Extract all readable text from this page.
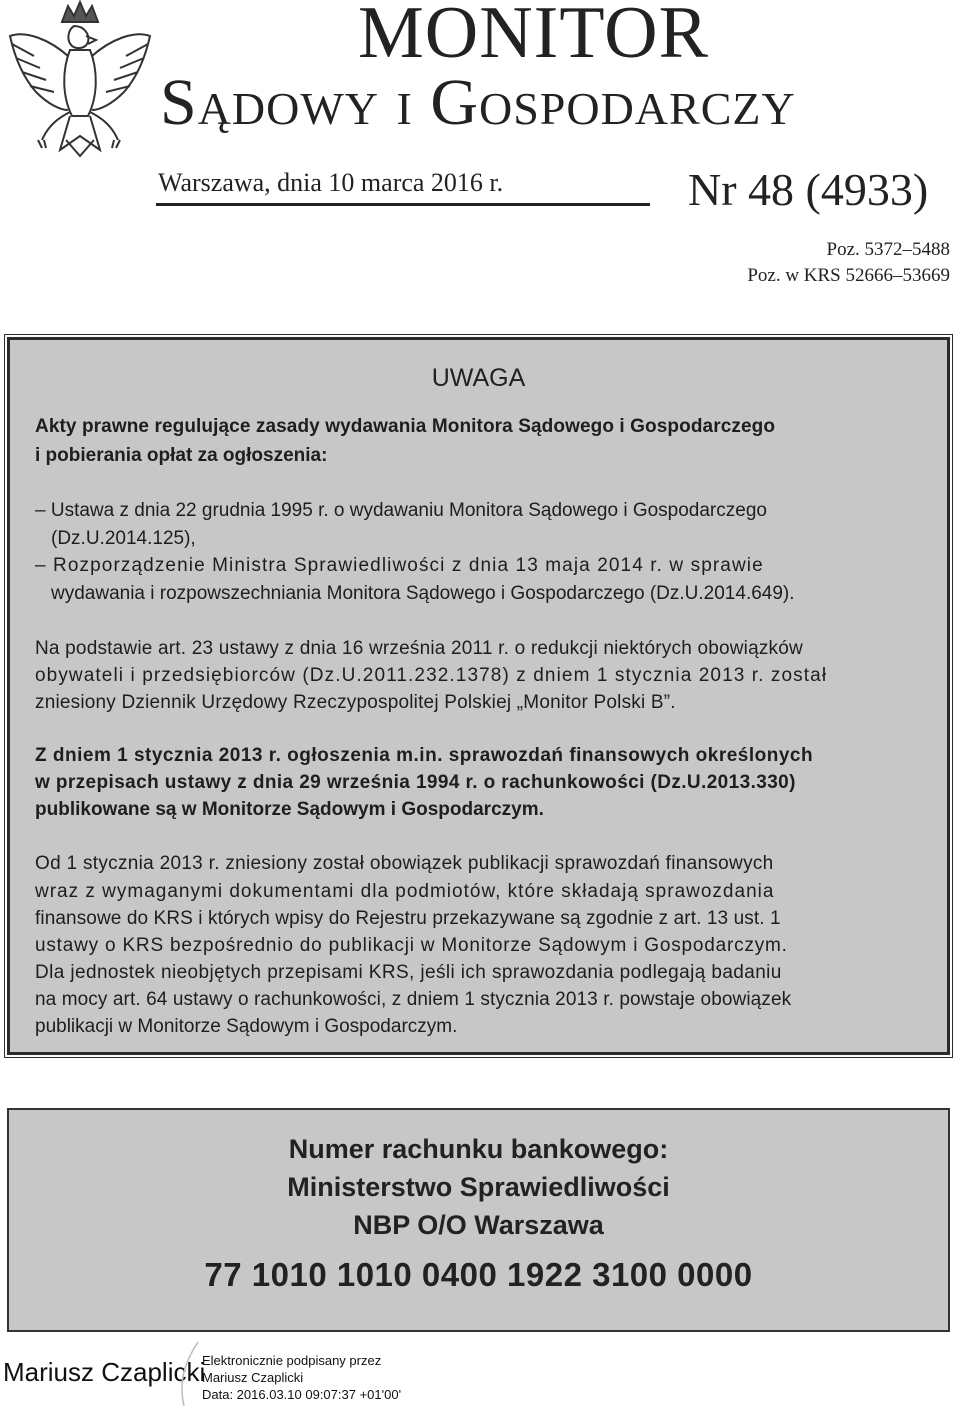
MONITOR
Sądowy i Gospodarczy
Warszawa, dnia 10 marca 2016 r.	Nr 48 (4933)
Poz. 5372–5488
Poz. w KRS 52666–53669
UWAGA
Akty prawne regulujące zasady wydawania Monitora Sądowego i Gospodarczego
i pobierania opłat za ogłoszenia:
– Ustawa z dnia 22 grudnia 1995 r. o wydawaniu Monitora Sądowego i Gospodarczego
(Dz.U.2014.125),
– Rozporządzenie Ministra Sprawiedliwości z dnia 13 maja 2014 r. w sprawie
wydawania i rozpowszechniania Monitora Sądowego i Gospodarczego (Dz.U.2014.649).
Na podstawie art. 23 ustawy z dnia 16 września 2011 r. o redukcji niektórych obowiązków
obywateli i przedsiębiorców (Dz.U.2011.232.1378) z dniem 1 stycznia 2013 r. został
zniesiony Dziennik Urzędowy Rzeczypospolitej Polskiej „Monitor Polski B”.
Z dniem 1 stycznia 2013 r. ogłoszenia m.in. sprawozdań finansowych określonych
w przepisach ustawy z dnia 29 września 1994 r. o rachunkowości (Dz.U.2013.330)
publikowane są w Monitorze Sądowym i Gospodarczym.
Od 1 stycznia 2013 r. zniesiony został obowiązek publikacji sprawozdań finansowych
wraz z wymaganymi dokumentami dla podmiotów, które składają sprawozdania
finansowe do KRS i których wpisy do Rejestru przekazywane są zgodnie z art. 13 ust. 1
ustawy o KRS bezpośrednio do publikacji w Monitorze Sądowym i Gospodarczym.
Dla jednostek nieobjętych przepisami KRS, jeśli ich sprawozdania podlegają badaniu
na mocy art. 64 ustawy o rachunkowości, z dniem 1 stycznia 2013 r. powstaje obowiązek
publikacji w Monitorze Sądowym i Gospodarczym.
Numer rachunku bankowego:
Ministerstwo Sprawiedliwości
NBP O/O Warszawa
77 1010 1010 0400 1922 3100 0000
Mariusz Czaplicki
Elektronicznie podpisany przez
Mariusz Czaplicki
Data: 2016.03.10 09:07:37 +01'00'
